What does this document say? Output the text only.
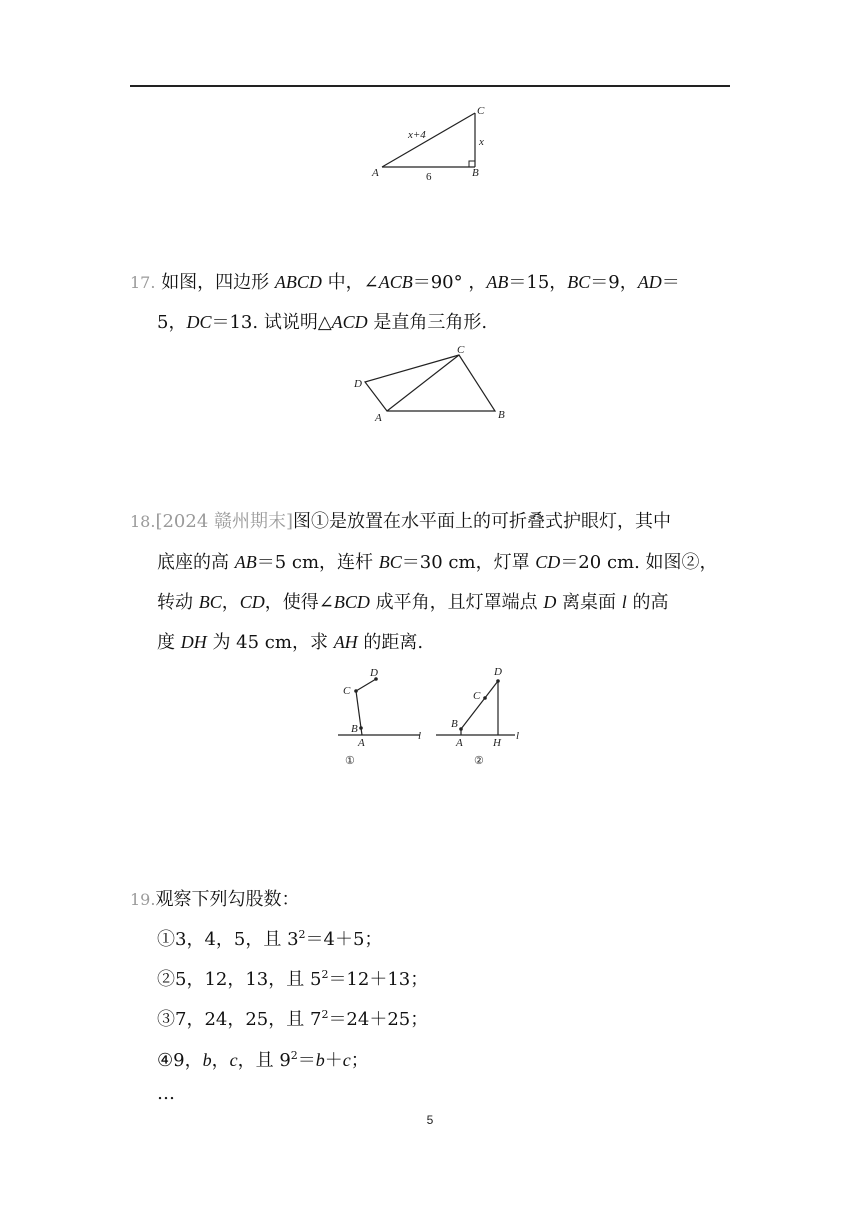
x+4
x
6
A	B
C
17. 如图，四边形 ABCD 中，∠ACB＝90° ，AB＝15，BC＝9，AD＝
5，DC＝13. 试说明△ACD 是直角三角形.
D
A	B
C
18.[2024 赣州期末]图①是放置在水平面上的可折叠式护眼灯，其中
底座的高 AB＝5 cm，连杆 BC＝30 cm，灯罩 CD＝20 cm. 如图②，
转动 BC，CD，使得∠BCD 成平角，且灯罩端点 D 离桌面 l 的高
度 DH 为 45 cm，求 AH 的距离.
D
C
B
A
l
①
D
C
B
A	H
l
②
19.观察下列勾股数：
①3，4，5，且 $3^2=4+5$；
②5，12，13，且 $5^2=12+13$；
③7，24，25，且 $7^2=24+25$；
④9，b，c，且 $9^2=b+c$；
…
5
